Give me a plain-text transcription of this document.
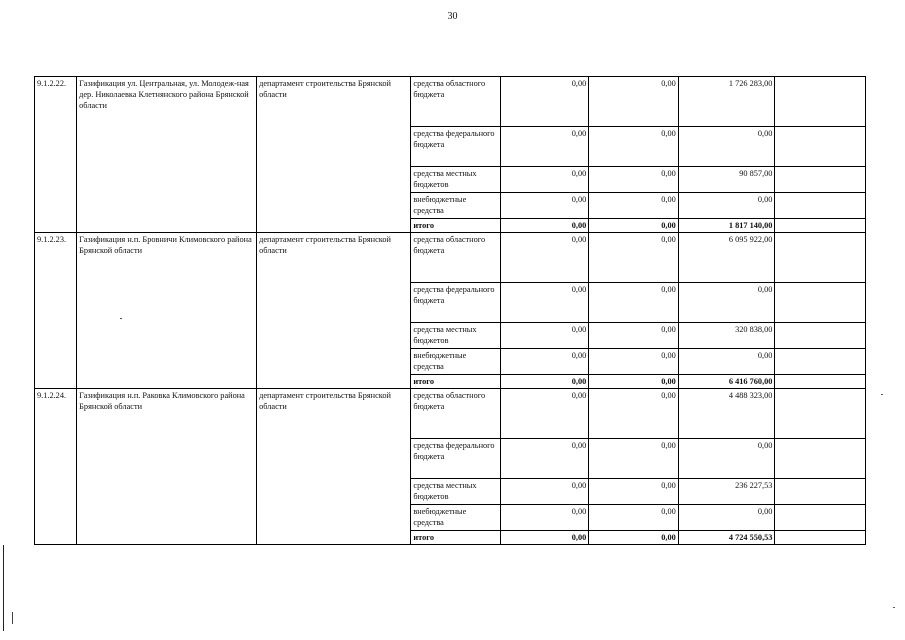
30
9.1.2.22.	Газификация ул. Центральная, ул. Молодеж-ная дер. Николаевка Клетнянского района Брянской области	департамент строительства Брянской области	средства областного бюджета	0,00	0,00	1 726 283,00	
			средства федерального бюджета	0,00	0,00	0,00	
			средства местных бюджетов	0,00	0,00	90 857,00	
			внебюджетные средства	0,00	0,00	0,00	
			итого	0,00	0,00	1 817 140,00	
9.1.2.23.	Газификация н.п. Бровничи Климовского района Брянской области	департамент строительства Брянской области	средства областного бюджета	0,00	0,00	6 095 922,00	
			средства федерального бюджета	0,00	0,00	0,00	
			средства местных бюджетов	0,00	0,00	320 838,00	
			внебюджетные средства	0,00	0,00	0,00	
			итого	0,00	0,00	6 416 760,00	
9.1.2.24.	Газификация н.п. Раковка Климовского района Брянской области	департамент строительства Брянской области	средства областного бюджета	0,00	0,00	4 488 323,00	
			средства федерального бюджета	0,00	0,00	0,00	
			средства местных бюджетов	0,00	0,00	236 227,53	
			внебюджетные средства	0,00	0,00	0,00	
			итого	0,00	0,00	4 724 550,53	
